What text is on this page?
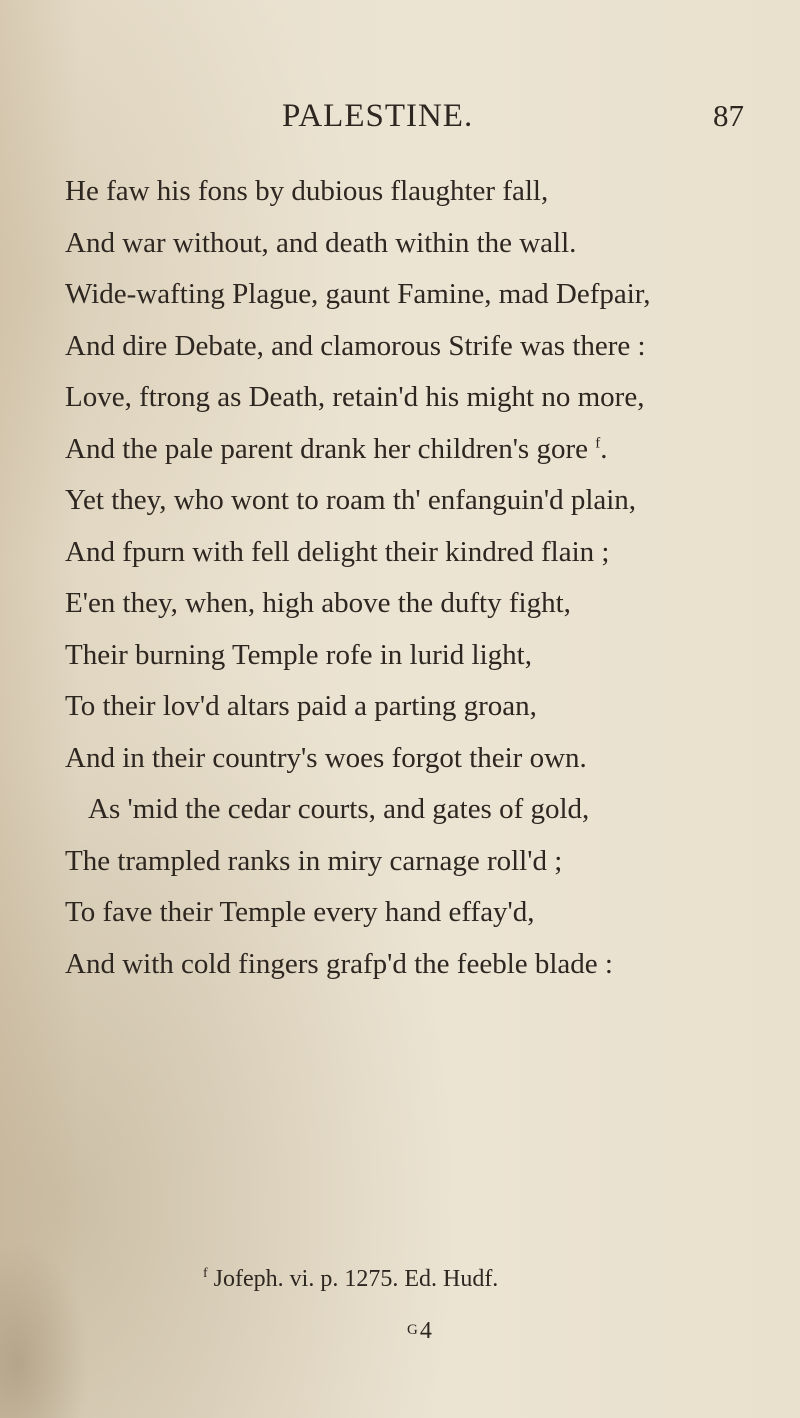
PALESTINE.	87
He faw his fons by dubious flaughter fall,
And war without, and death within the wall.
Wide-wafting Plague, gaunt Famine, mad Defpair,
And dire Debate, and clamorous Strife was there :
Love, ftrong as Death, retain'd his might no more,
And the pale parent drank her children's gore $^f$.
Yet they, who wont to roam th' enfanguin'd plain,
And fpurn with fell delight their kindred flain ;
E'en they, when, high above the dufty fight,
Their burning Temple rofe in lurid light,
To their lov'd altars paid a parting groan,
And in their country's woes forgot their own.
As 'mid the cedar courts, and gates of gold,
The trampled ranks in miry carnage roll'd ;
To fave their Temple every hand effay'd,
And with cold fingers grafp'd the feeble blade :
$^f$ Jofeph. vi. p. 1275. Ed. Hudf.
G4
